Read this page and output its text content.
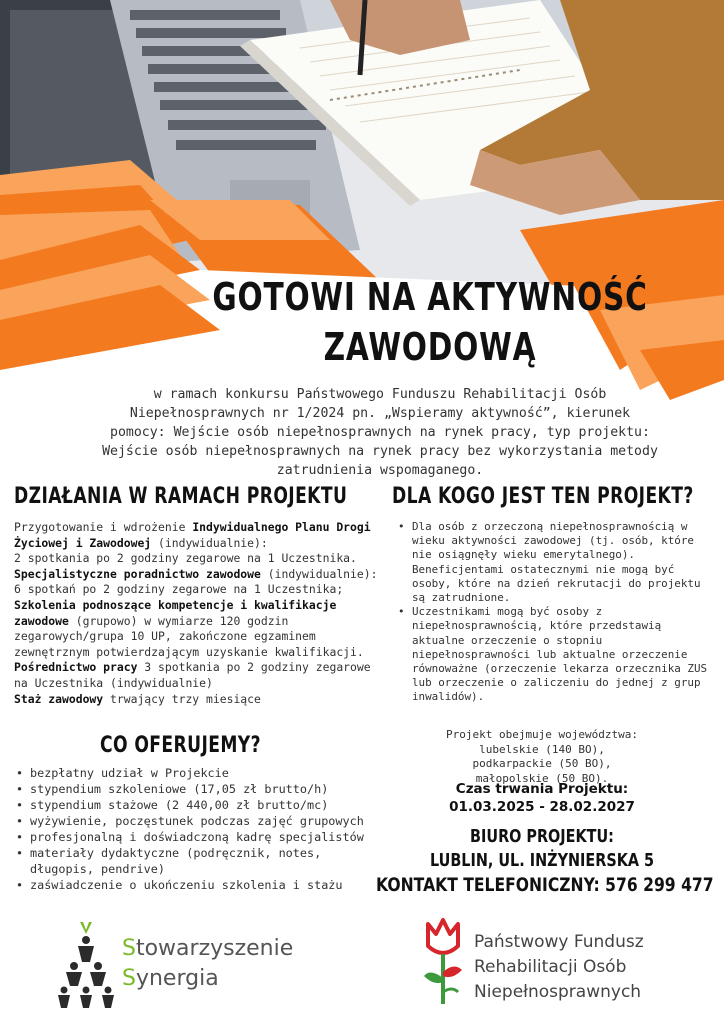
GOTOWI NA AKTYWNOŚĆ
ZAWODOWĄ

w ramach konkursu Państwowego Funduszu Rehabilitacji Osób Niepełnosprawnych nr 1/2024 pn. „Wspieramy aktywność”, kierunek pomocy: Wejście osób niepełnosprawnych na rynek pracy, typ projektu: Wejście osób niepełnosprawnych na rynek pracy bez wykorzystania metody zatrudnienia wspomaganego.

DZIAŁANIA W RAMACH PROJEKTU

Przygotowanie i wdrożenie Indywidualnego Planu Drogi Życiowej i Zawodowej (indywidualnie):

2 spotkania po 2 godziny zegarowe na 1 Uczestnika.

Specjalistyczne poradnictwo zawodowe (indywidualnie): 6 spotkań po 2 godziny zegarowe na 1 Uczestnika;

Szkolenia podnoszące kompetencje i kwalifikacje zawodowe (grupowo) w wymiarze 120 godzin zegarowych/grupa 10 UP, zakończone egzaminem zewnętrznym potwierdzającym uzyskanie kwalifikacji.

Pośrednictwo pracy 3 spotkania po 2 godziny zegarowe na Uczestnika (indywidualnie)

Staż zawodowy trwający trzy miesiące

CO OFERUJEMY?
• bezpłatny udział w Projekcie
• stypendium szkoleniowe (17,05 zł brutto/h)
• stypendium stażowe (2 440,00 zł brutto/mc)
• wyżywienie, poczęstunek podczas zajęć grupowych
• profesjonalną i doświadczoną kadrę specjalistów
• materiały dydaktyczne (podręcznik, notes, długopis, pendrive)
• zaświadczenie o ukończeniu szkolenia i stażu
DLA KOGO JEST TEN PROJEKT?
• Dla osób z orzeczoną niepełnosprawnością w wieku aktywności zawodowej (tj. osób, które nie osiągnęły wieku emerytalnego). Beneficjentami ostatecznymi nie mogą być osoby, które na dzień rekrutacji do projektu są zatrudnione.
• Uczestnikami mogą być osoby z niepełnosprawnością, które przedstawią aktualne orzeczenie o stopniu niepełnosprawności lub aktualne orzeczenie równoważne (orzeczenie lekarza orzecznika ZUS lub orzeczenie o zaliczeniu do jednej z grup inwalidów).
Projekt obejmuje województwa:
lubelskie (140 BO),
podkarpackie (50 BO),
małopolskie (50 BO).
Czas trwania Projektu:
01.03.2025 - 28.02.2027
BIURO PROJEKTU:
LUBLIN, UL. INŻYNIERSKA 5
KONTAKT TELEFONICZNY: 576 299 477
Stowarzyszenie
Synergia
Państwowy Fundusz
Rehabilitacji Osób
Niepełnosprawnych
